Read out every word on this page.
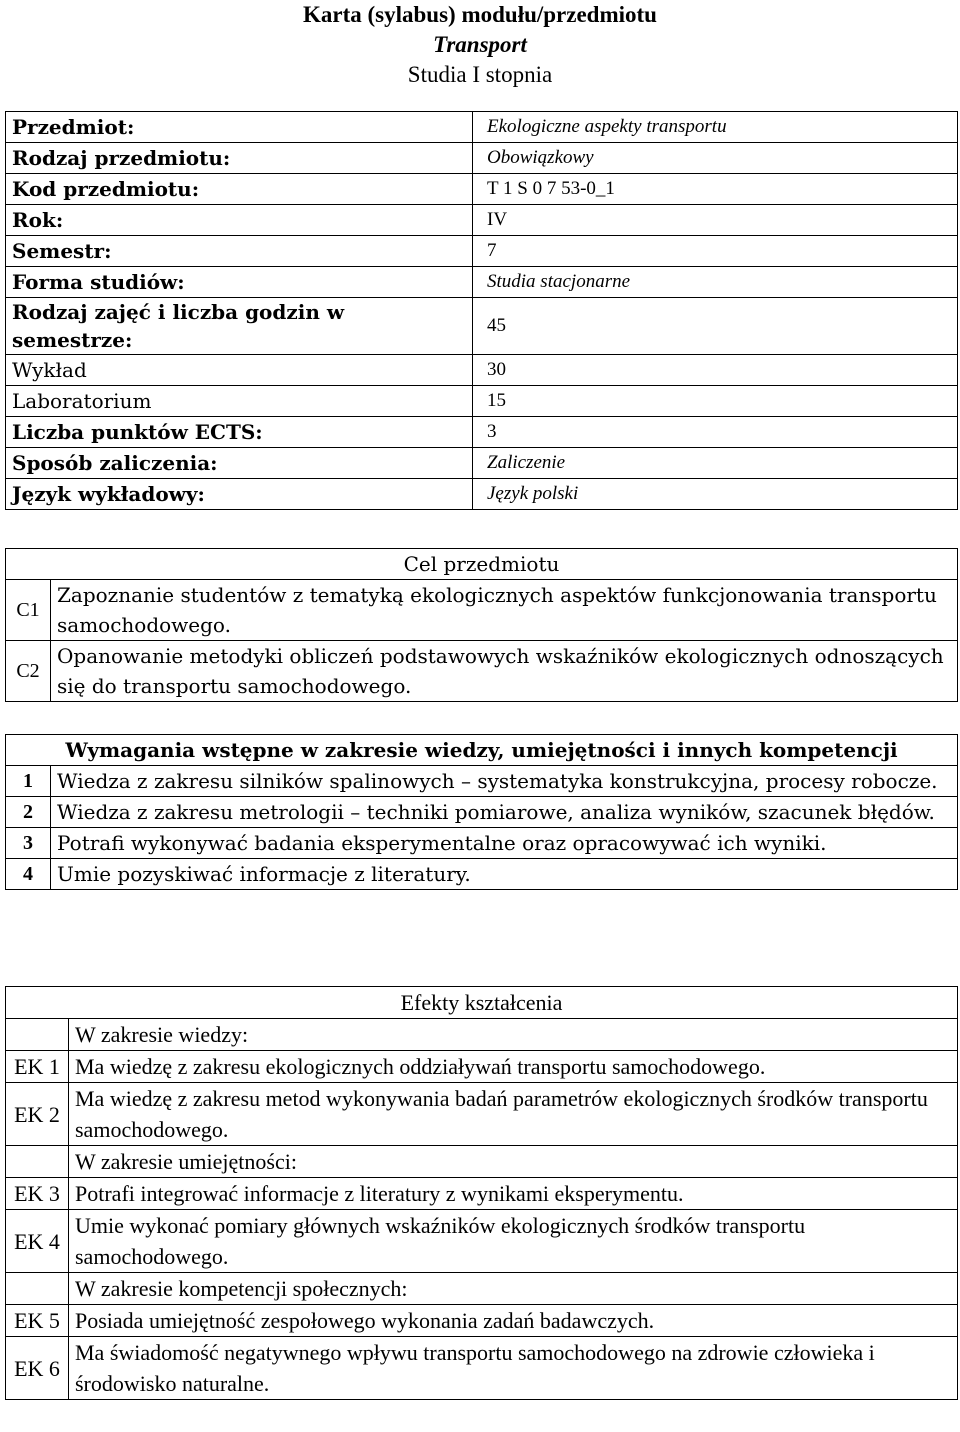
Karta (sylabus) modułu/przedmiotu
Transport
Studia I stopnia
Przedmiot:	Ekologiczne aspekty transportu
Rodzaj przedmiotu:	Obowiązkowy
Kod przedmiotu:	T 1 S 0 7 53-0_1
Rok:	IV
Semestr:	7
Forma studiów:	Studia stacjonarne
Rodzaj zajęć i liczba godzin w semestrze:	45
Wykład	30
Laboratorium	15
Liczba punktów ECTS:	3
Sposób zaliczenia:	Zaliczenie
Język wykładowy:	Język polski
Cel przedmiotu	
C1	Zapoznanie studentów z tematyką ekologicznych aspektów funkcjonowania transportu samochodowego.
C2	Opanowanie metodyki obliczeń podstawowych wskaźników ekologicznych odnoszących się do transportu samochodowego.
Wymagania wstępne w zakresie wiedzy, umiejętności i innych kompetencji	
1	Wiedza z zakresu silników spalinowych – systematyka konstrukcyjna, procesy robocze.
2	Wiedza z zakresu metrologii – techniki pomiarowe, analiza wyników, szacunek błędów.
3	Potrafi wykonywać badania eksperymentalne oraz opracowywać ich wyniki.
4	Umie pozyskiwać informacje z literatury.
Efekty kształcenia	
	W zakresie wiedzy:
EK 1	Ma wiedzę z zakresu ekologicznych oddziaływań transportu samochodowego.
EK 2	Ma wiedzę z zakresu metod wykonywania badań parametrów ekologicznych środków transportu samochodowego.
	W zakresie umiejętności:
EK 3	Potrafi integrować informacje z literatury z wynikami eksperymentu.
EK 4	Umie wykonać pomiary głównych wskaźników ekologicznych środków transportu samochodowego.
	W zakresie kompetencji społecznych:
EK 5	Posiada umiejętność zespołowego wykonania zadań badawczych.
EK 6	Ma świadomość negatywnego wpływu transportu samochodowego na zdrowie człowieka i środowisko naturalne.
